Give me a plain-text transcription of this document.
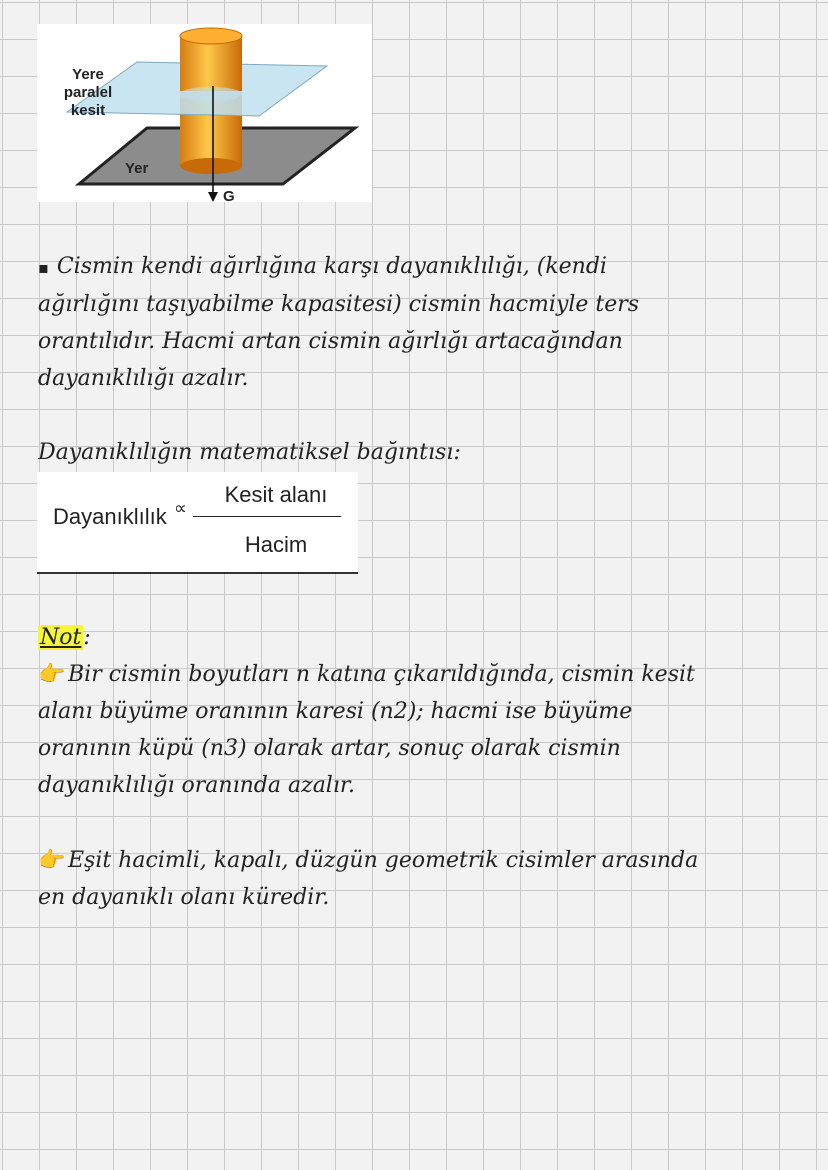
Yere
paralel
kesit
Yer
G
▪ Cismin kendi ağırlığına karşı dayanıklılığı, (kendi
ağırlığını taşıyabilme kapasitesi) cismin hacmiyle ters
orantılıdır. Hacmi artan cismin ağırlığı artacağından
dayanıklılığı azalır.
Dayanıklılığın matematiksel bağıntısı:
Dayanıklılık ∝
Kesit alanı
Hacim
Not:
👉 Bir cismin boyutları n katına çıkarıldığında, cismin kesit
alanı büyüme oranının karesi (n2); hacmi ise büyüme
oranının küpü (n3) olarak artar, sonuç olarak cismin
dayanıklılığı oranında azalır.
👉 Eşit hacimli, kapalı, düzgün geometrik cisimler arasında
en dayanıklı olanı küredir.
